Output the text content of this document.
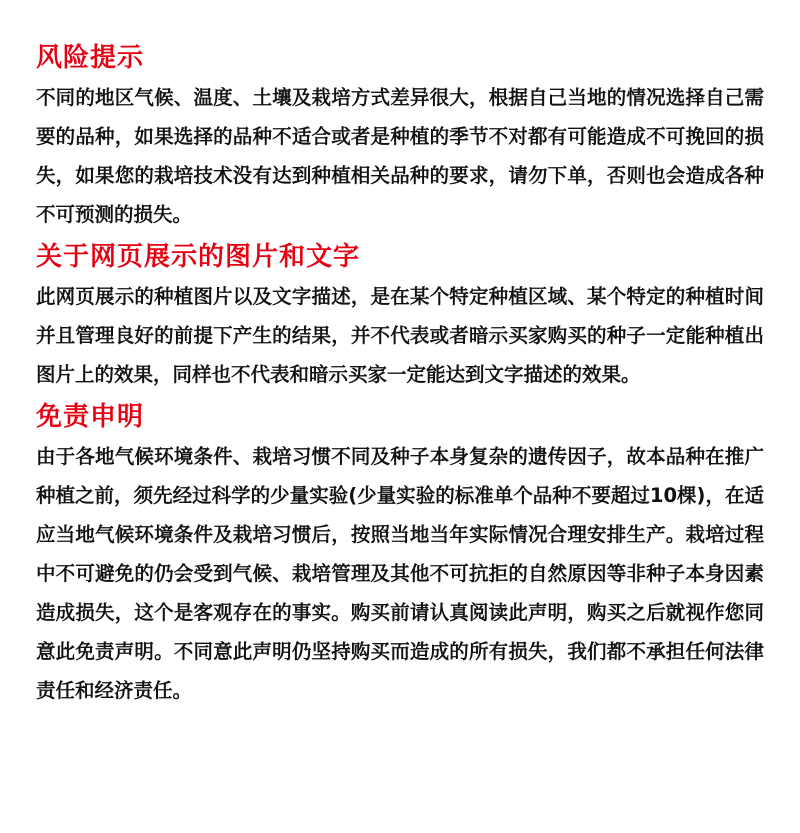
风险提示

不同的地区气候、温度、土壤及栽培方式差异很大，根据自己当地的情况选择自己需要的品种，如果选择的品种不适合或者是种植的季节不对都有可能造成不可挽回的损失，如果您的栽培技术没有达到种植相关品种的要求，请勿下单，否则也会造成各种不可预测的损失。

关于网页展示的图片和文字

此网页展示的种植图片以及文字描述，是在某个特定种植区域、某个特定的种植时间并且管理良好的前提下产生的结果，并不代表或者暗示买家购买的种子一定能种植出图片上的效果，同样也不代表和暗示买家一定能达到文字描述的效果。

免责申明

由于各地气候环境条件、栽培习惯不同及种子本身复杂的遗传因子，故本品种在推广种植之前，须先经过科学的少量实验(少量实验的标准单个品种不要超过10棵)，在适应当地气候环境条件及栽培习惯后，按照当地当年实际情况合理安排生产。栽培过程中不可避免的仍会受到气候、栽培管理及其他不可抗拒的自然原因等非种子本身因素造成损失，这个是客观存在的事实。购买前请认真阅读此声明，购买之后就视作您同意此免责声明。不同意此声明仍坚持购买而造成的所有损失，我们都不承担任何法律责任和经济责任。
